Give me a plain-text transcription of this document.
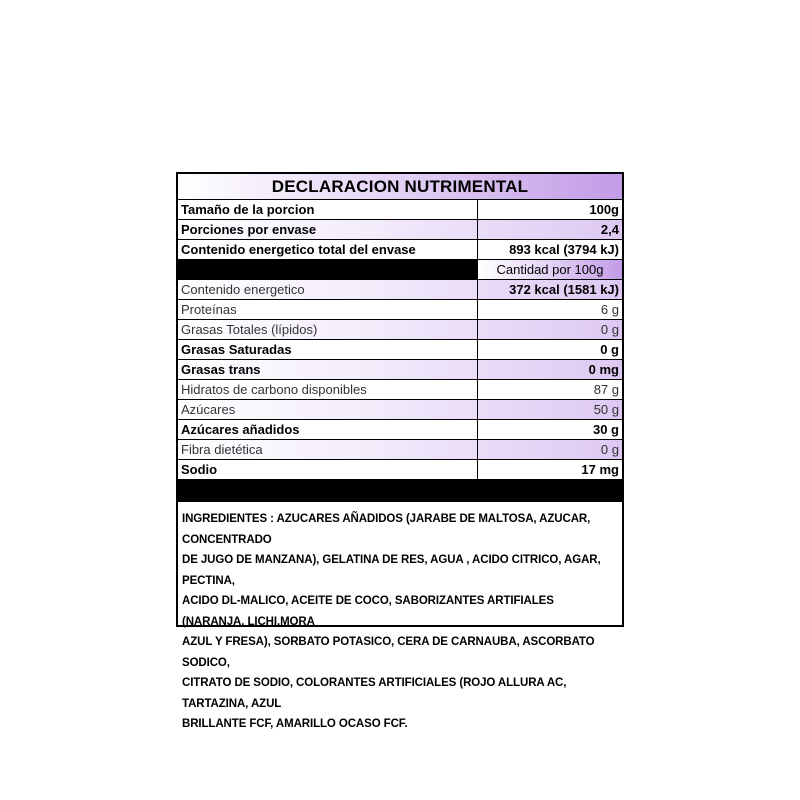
DECLARACION NUTRIMENTAL
Tamaño de la porcion	100g
Porciones por envase	2,4
Contenido energetico total del envase	893 kcal (3794 kJ)
Cantidad por 100g
Contenido energetico	372 kcal (1581 kJ)
Proteínas	6 g
Grasas Totales (lípidos)	0 g
Grasas Saturadas	0 g
Grasas trans	0 mg
Hidratos de carbono disponibles	87 g
Azúcares	50 g
Azúcares añadidos	30 g
Fibra dietética	0 g
Sodio	17 mg
INGREDIENTES : AZUCARES AÑADIDOS (JARABE DE MALTOSA, AZUCAR, CONCENTRADO
DE JUGO DE MANZANA), GELATINA DE RES, AGUA , ACIDO CITRICO, AGAR, PECTINA,
ACIDO DL-MALICO, ACEITE DE COCO, SABORIZANTES ARTIFIALES (NARANJA, LICHI,MORA
AZUL Y FRESA), SORBATO POTASICO, CERA DE CARNAUBA, ASCORBATO SODICO,
CITRATO DE SODIO, COLORANTES ARTIFICIALES (ROJO ALLURA AC, TARTAZINA, AZUL
BRILLANTE FCF, AMARILLO OCASO FCF.
